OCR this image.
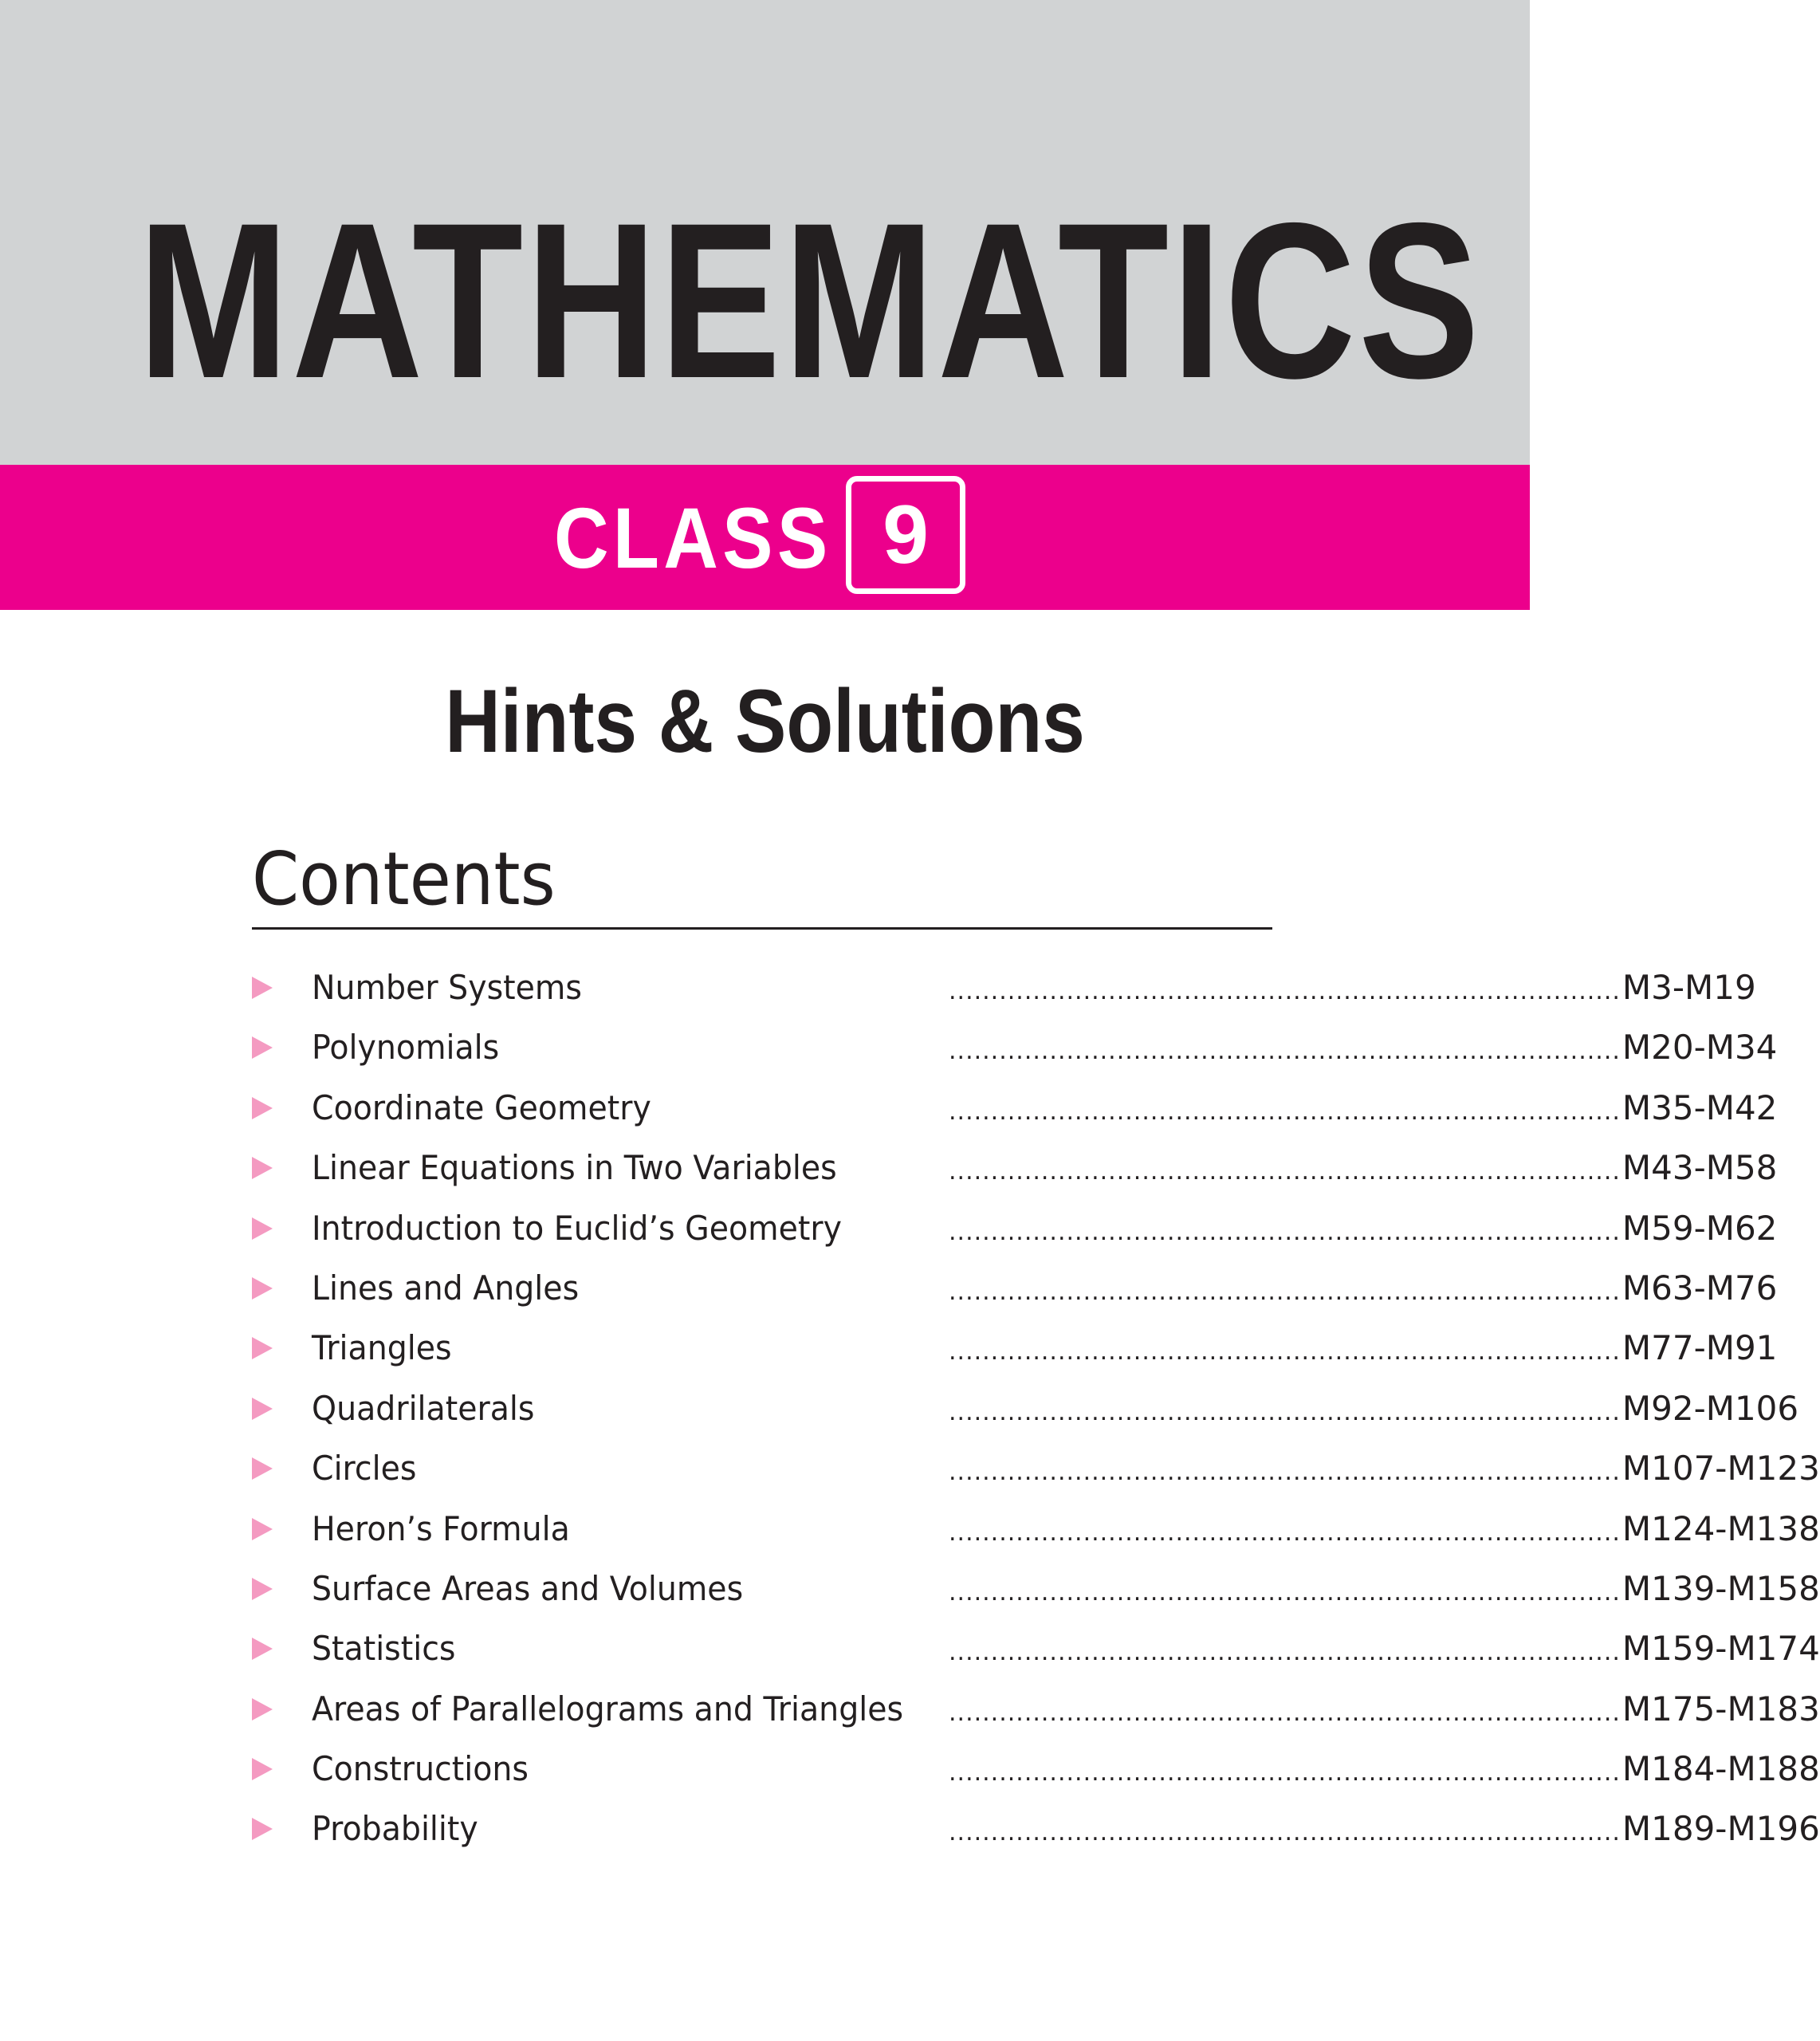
MATHEMATICS
CLASS 9
Hints & Solutions
Contents
Number Systems	................................................................................ M3-M19
Polynomials	................................................................................ M20-M34
Coordinate Geometry	................................................................................ M35-M42
Linear Equations in Two Variables	................................................................................ M43-M58
Introduction to Euclid’s Geometry	................................................................................ M59-M62
Lines and Angles	................................................................................ M63-M76
Triangles	................................................................................ M77-M91
Quadrilaterals	................................................................................ M92-M106
Circles	................................................................................ M107-M123
Heron’s Formula	................................................................................ M124-M138
Surface Areas and Volumes	................................................................................ M139-M158
Statistics	................................................................................ M159-M174
Areas of Parallelograms and Triangles ................................................................................ M175-M183
Constructions	................................................................................ M184-M188
Probability	................................................................................ M189-M196
